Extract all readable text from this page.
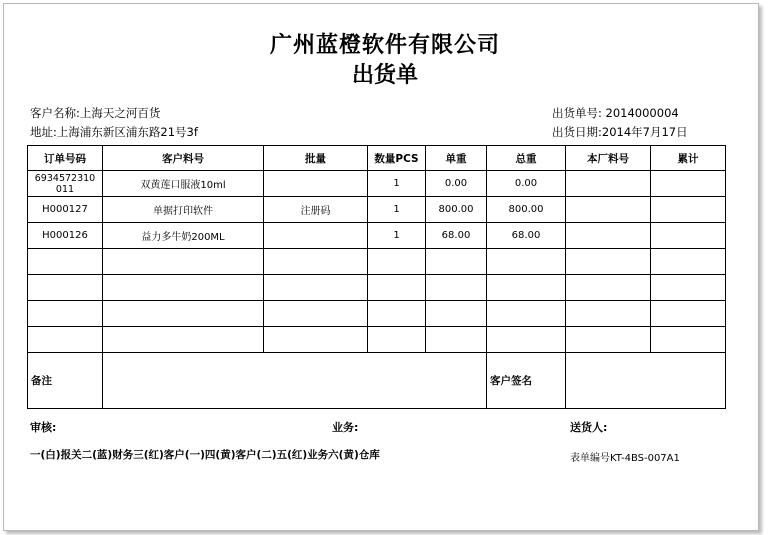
广州蓝橙软件有限公司
出货单
客户名称:上海天之河百货
地址:上海浦东新区浦东路21号3f
出货单号: 2014000004
出货日期:2014年7月17日
订单号码	客户料号	批量	数量PCS	单重	总重	本厂料号	累计
6934572310 011	双黄莲口服液10ml		1	0.00	0.00		
H000127	单据打印软件	注册码	1	800.00	800.00		
H000126	益力多牛奶200ML		1	68.00	68.00		

备注					客户签名		
审核:	业务:	送货人:
一(白)报关二(蓝)财务三(红)客户(一)四(黄)客户(二)五(红)业务六(黄)仓库	表单编号KT-4BS-007A1
